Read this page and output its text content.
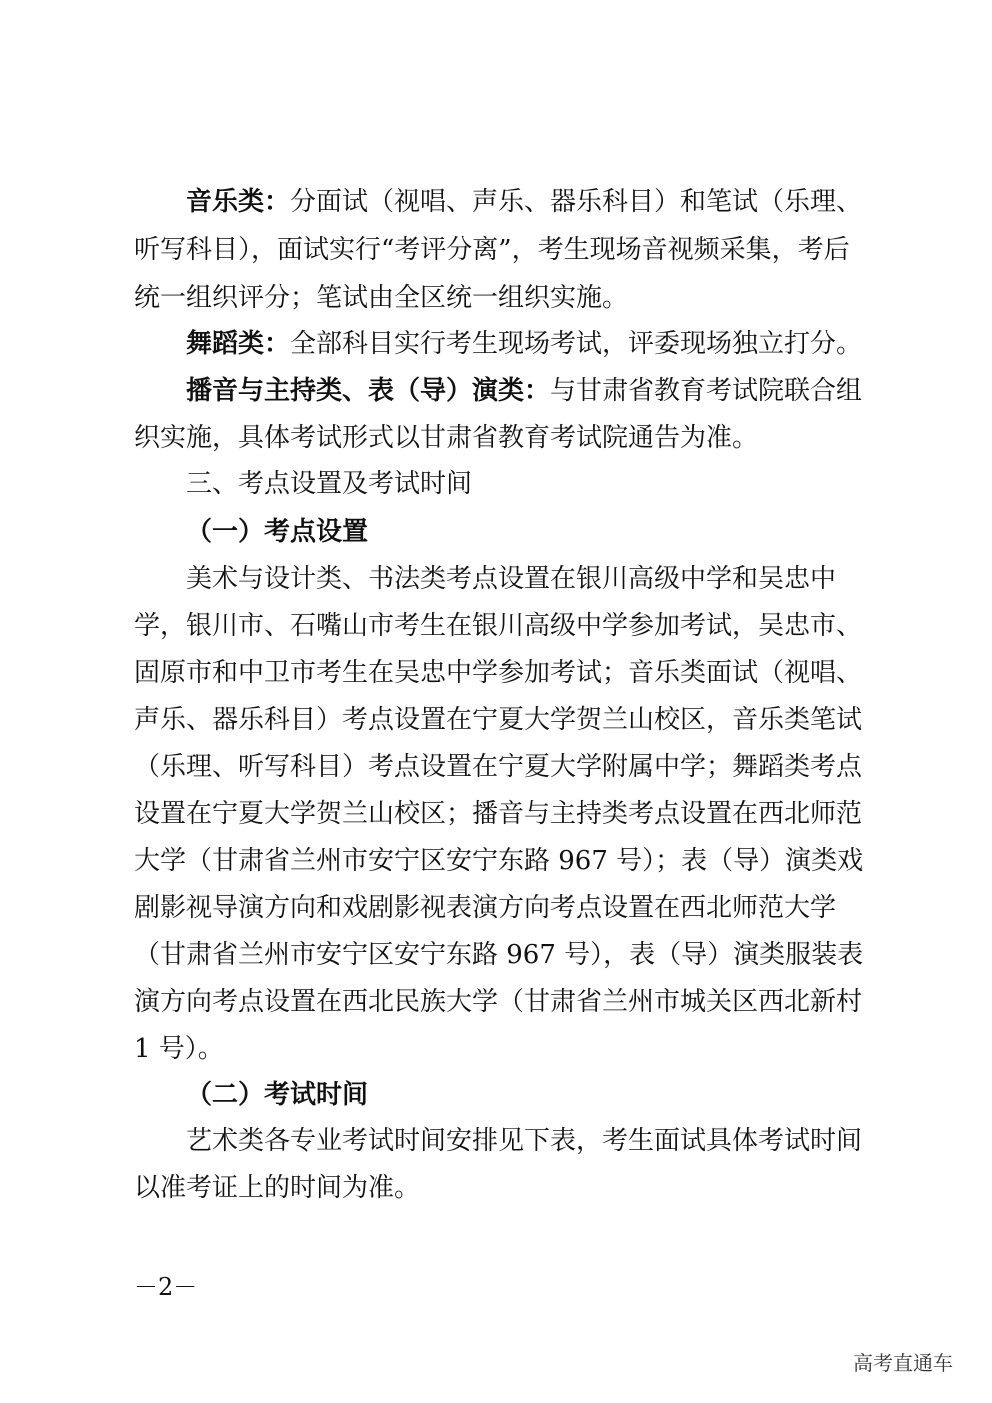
音乐类：分面试（视唱、声乐、器乐科目）和笔试（乐理、
听写科目），面试实行“考评分离”，考生现场音视频采集，考后
统一组织评分；笔试由全区统一组织实施。
舞蹈类：全部科目实行考生现场考试，评委现场独立打分。
播音与主持类、表（导）演类：与甘肃省教育考试院联合组
织实施，具体考试形式以甘肃省教育考试院通告为准。
三、考点设置及考试时间
（一）考点设置
美术与设计类、书法类考点设置在银川高级中学和吴忠中
学，银川市、石嘴山市考生在银川高级中学参加考试，吴忠市、
固原市和中卫市考生在吴忠中学参加考试；音乐类面试（视唱、
声乐、器乐科目）考点设置在宁夏大学贺兰山校区，音乐类笔试
（乐理、听写科目）考点设置在宁夏大学附属中学；舞蹈类考点
设置在宁夏大学贺兰山校区；播音与主持类考点设置在西北师范
大学（甘肃省兰州市安宁区安宁东路 967 号）；表（导）演类戏
剧影视导演方向和戏剧影视表演方向考点设置在西北师范大学
（甘肃省兰州市安宁区安宁东路 967 号），表（导）演类服装表
演方向考点设置在西北民族大学（甘肃省兰州市城关区西北新村
1 号）。
（二）考试时间
艺术类各专业考试时间安排见下表，考生面试具体考试时间
以准考证上的时间为准。
－2－
高考直通车
